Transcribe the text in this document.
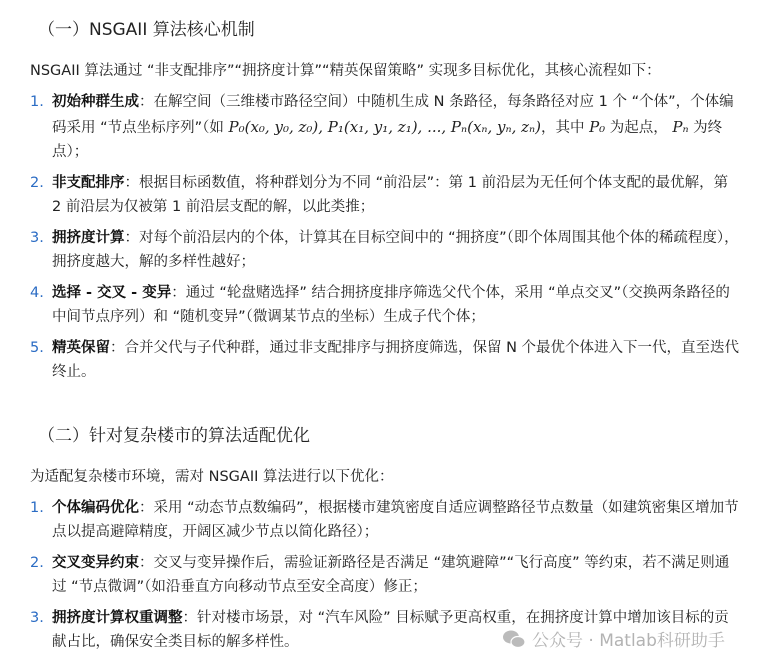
（一）NSGAII 算法核心机制

NSGAII 算法通过 “非支配排序”“拥挤度计算”“精英保留策略” 实现多目标优化，其核心流程如下：

1. 初始种群生成：在解空间（三维楼市路径空间）中随机生成 N 条路径，每条路径对应 1 个 “个体”，个体编码采用 “节点坐标序列”（如 P₀(x₀, y₀, z₀), P₁(x₁, y₁, z₁), ..., Pₙ(xₙ, yₙ, zₙ)，其中 P₀ 为起点， Pₙ 为终点）；
2. 非支配排序：根据目标函数值，将种群划分为不同 “前沿层”：第 1 前沿层为无任何个体支配的最优解，第 2 前沿层为仅被第 1 前沿层支配的解，以此类推；
3. 拥挤度计算：对每个前沿层内的个体，计算其在目标空间中的 “拥挤度”（即个体周围其他个体的稀疏程度），拥挤度越大，解的多样性越好；
4. 选择 - 交叉 - 变异：通过 “轮盘赌选择” 结合拥挤度排序筛选父代个体，采用 “单点交叉”（交换两条路径的中间节点序列）和 “随机变异”（微调某节点的坐标）生成子代个体；
5. 精英保留：合并父代与子代种群，通过非支配排序与拥挤度筛选，保留 N 个最优个体进入下一代，直至迭代终止。
（二）针对复杂楼市的算法适配优化

为适配复杂楼市环境，需对 NSGAII 算法进行以下优化：

1. 个体编码优化：采用 “动态节点数编码”，根据楼市建筑密度自适应调整路径节点数量（如建筑密集区增加节点以提高避障精度，开阔区减少节点以简化路径）；
2. 交叉变异约束：交叉与变异操作后，需验证新路径是否满足 “建筑避障”“飞行高度” 等约束，若不满足则通过 “节点微调”（如沿垂直方向移动节点至安全高度）修正；
3. 拥挤度计算权重调整：针对楼市场景，对 “汽车风险” 目标赋予更高权重，在拥挤度计算中增加该目标的贡献占比，确保安全类目标的解多样性。	公众号 · Matlab科研助手
